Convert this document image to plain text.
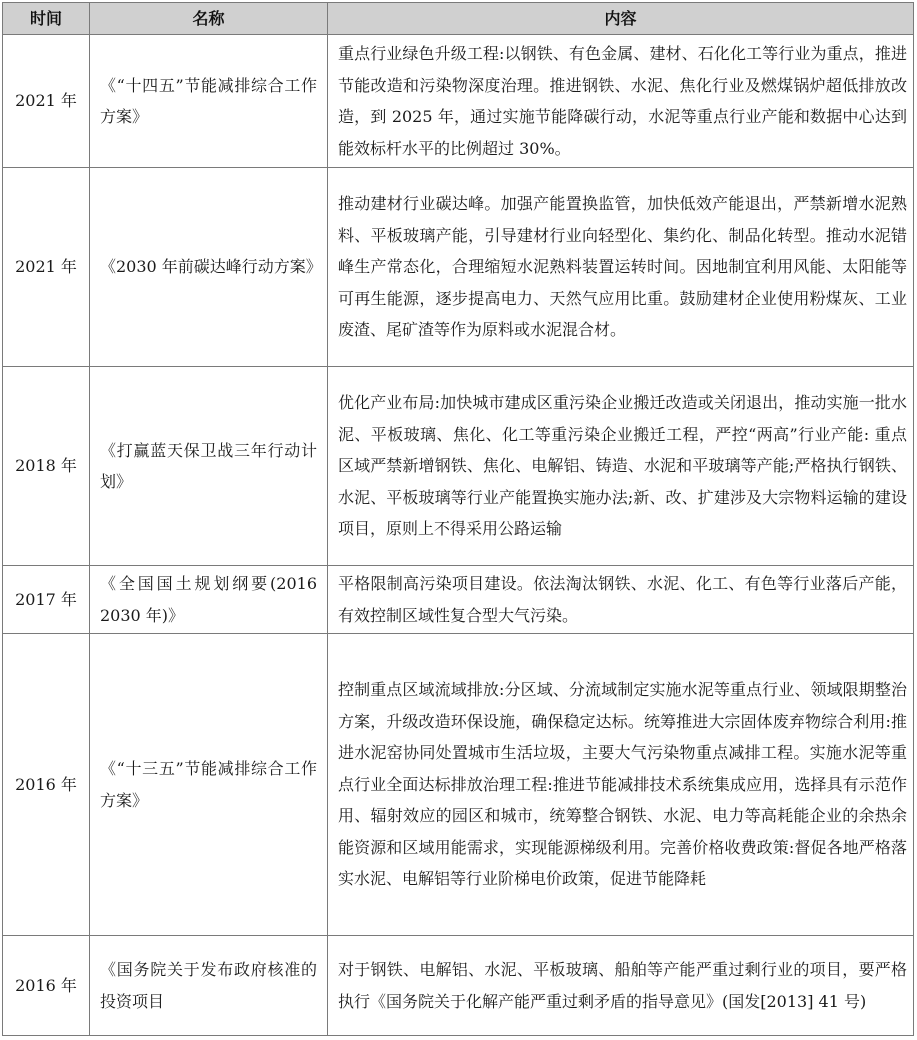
时间	名称	内容
2021 年	《“十四五”节能减排综合工作方案》	重点行业绿色升级工程:以钢铁、有色金属、建材、石化化工等行业为重点，推进节能改造和污染物深度治理。推进钢铁、水泥、焦化行业及燃煤锅炉超低排放改造，到 2025 年，通过实施节能降碳行动，水泥等重点行业产能和数据中心达到能效标杆水平的比例超过 30%。
2021 年	《2030 年前碳达峰行动方案》	推动建材行业碳达峰。加强产能置换监管，加快低效产能退出，严禁新增水泥熟料、平板玻璃产能，引导建材行业向轻型化、集约化、制品化转型。推动水泥错峰生产常态化，合理缩短水泥熟料装置运转时间。因地制宜利用风能、太阳能等可再生能源，逐步提高电力、天然气应用比重。鼓励建材企业使用粉煤灰、工业废渣、尾矿渣等作为原料或水泥混合材。
2018 年	《打赢蓝天保卫战三年行动计划》	优化产业布局:加快城市建成区重污染企业搬迁改造或关闭退出，推动实施一批水泥、平板玻璃、焦化、化工等重污染企业搬迁工程，严控“两高”行业产能: 重点区域严禁新增钢铁、焦化、电解铝、铸造、水泥和平玻璃等产能;严格执行钢铁、水泥、平板玻璃等行业产能置换实施办法;新、改、扩建涉及大宗物料运输的建设项目，原则上不得采用公路运输
2017 年	《全国国土规划纲要(2016 2030 年)》	平格限制高污染项目建设。依法淘汰钢铁、水泥、化工、有色等行业落后产能，有效控制区域性复合型大气污染。
2016 年	《“十三五”节能减排综合工作方案》	控制重点区域流域排放:分区域、分流域制定实施水泥等重点行业、领域限期整治方案，升级改造环保设施，确保稳定达标。统筹推进大宗固体废弃物综合利用:推进水泥窑协同处置城市生活垃圾，主要大气污染物重点减排工程。实施水泥等重点行业全面达标排放治理工程:推进节能减排技术系统集成应用，选择具有示范作用、辐射效应的园区和城市，统筹整合钢铁、水泥、电力等高耗能企业的余热余能资源和区域用能需求，实现能源梯级利用。完善价格收费政策:督促各地严格落实水泥、电解铝等行业阶梯电价政策，促进节能降耗
2016 年	《国务院关于发布政府核准的投资项目	对于钢铁、电解铝、水泥、平板玻璃、船舶等产能严重过剩行业的项目，要严格执行《国务院关于化解产能严重过剩矛盾的指导意见》(国发[2013] 41 号)
